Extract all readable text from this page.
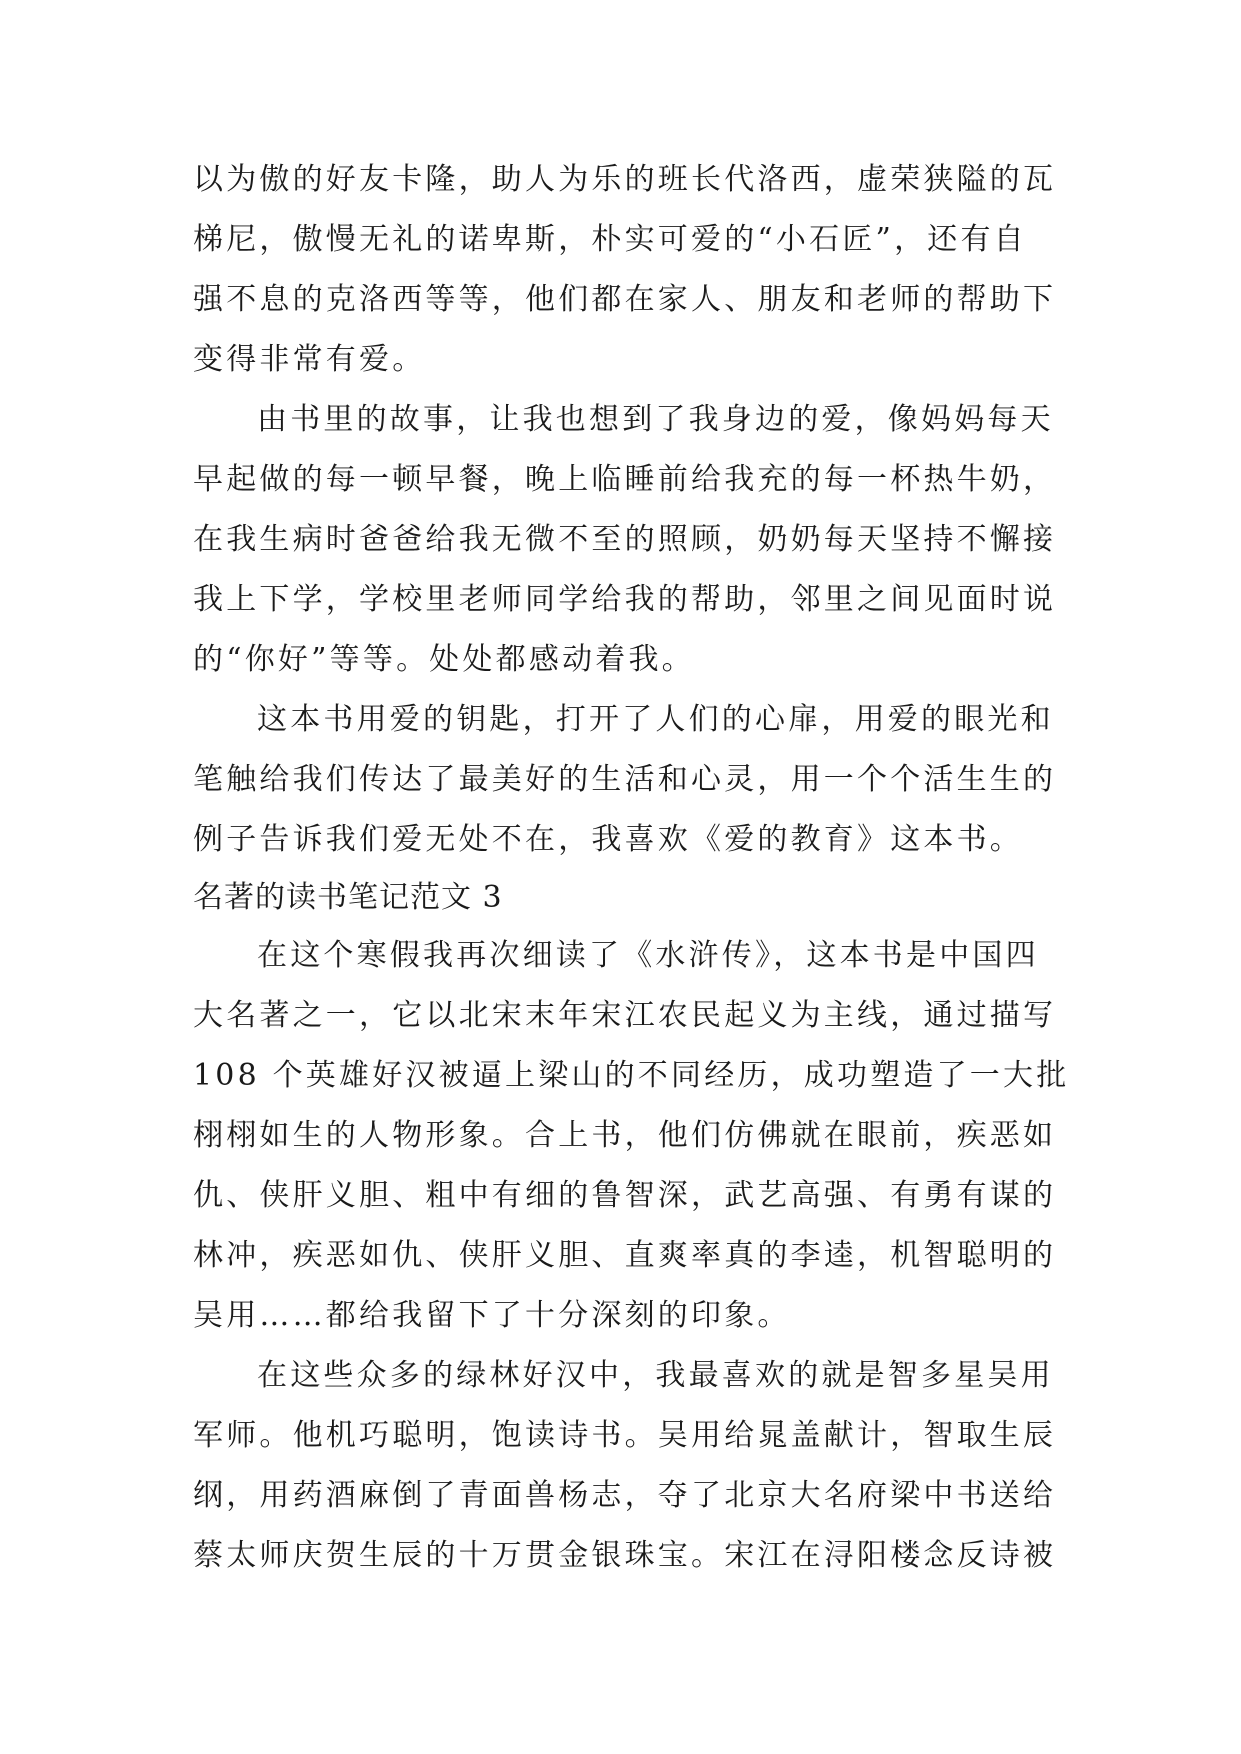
以为傲的好友卡隆，助人为乐的班长代洛西，虚荣狭隘的瓦
梯尼，傲慢无礼的诺卑斯，朴实可爱的“小石匠”，还有自
强不息的克洛西等等，他们都在家人、朋友和老师的帮助下
变得非常有爱。
由书里的故事，让我也想到了我身边的爱，像妈妈每天
早起做的每一顿早餐，晚上临睡前给我充的每一杯热牛奶，
在我生病时爸爸给我无微不至的照顾，奶奶每天坚持不懈接
我上下学，学校里老师同学给我的帮助，邻里之间见面时说
的“你好”等等。处处都感动着我。
这本书用爱的钥匙，打开了人们的心扉，用爱的眼光和
笔触给我们传达了最美好的生活和心灵，用一个个活生生的
例子告诉我们爱无处不在，我喜欢《爱的教育》这本书。
名著的读书笔记范文 3
在这个寒假我再次细读了《水浒传》，这本书是中国四
大名著之一，它以北宋末年宋江农民起义为主线，通过描写
108 个英雄好汉被逼上梁山的不同经历，成功塑造了一大批
栩栩如生的人物形象。合上书，他们仿佛就在眼前，疾恶如
仇、侠肝义胆、粗中有细的鲁智深，武艺高强、有勇有谋的
林冲，疾恶如仇、侠肝义胆、直爽率真的李逵，机智聪明的
吴用……都给我留下了十分深刻的印象。
在这些众多的绿林好汉中，我最喜欢的就是智多星吴用
军师。他机巧聪明，饱读诗书。吴用给晁盖献计，智取生辰
纲，用药酒麻倒了青面兽杨志，夺了北京大名府梁中书送给
蔡太师庆贺生辰的十万贯金银珠宝。宋江在浔阳楼念反诗被
